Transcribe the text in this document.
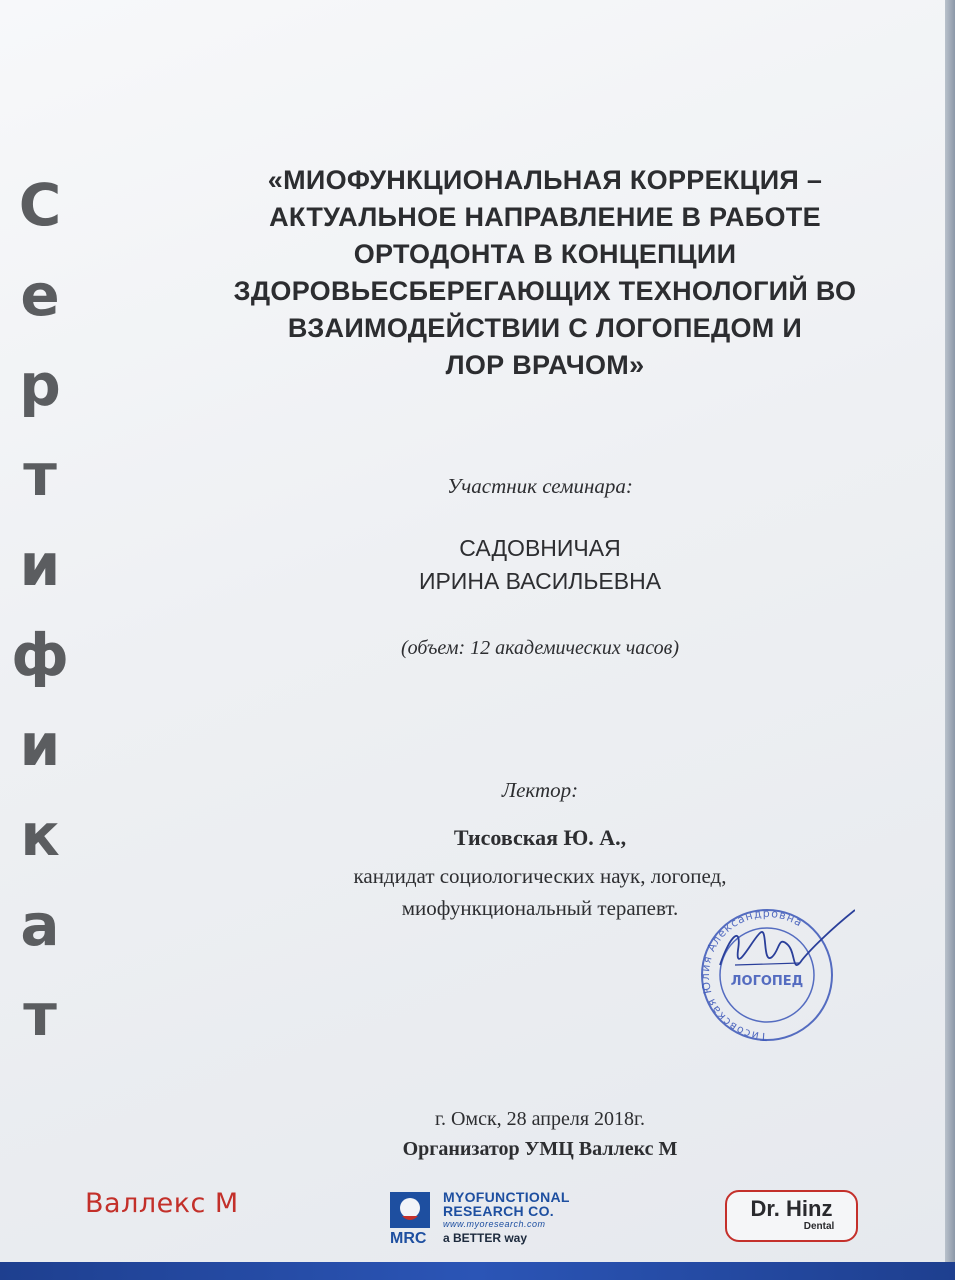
С
е
р
т
и
ф
и
к
а
т
«МИОФУНКЦИОНАЛЬНАЯ КОРРЕКЦИЯ –
АКТУАЛЬНОЕ НАПРАВЛЕНИЕ В РАБОТЕ
ОРТОДОНТА В КОНЦЕПЦИИ
ЗДОРОВЬЕСБЕРЕГАЮЩИХ ТЕХНОЛОГИЙ ВО
ВЗАИМОДЕЙСТВИИ С ЛОГОПЕДОМ И
ЛОР ВРАЧОМ»
Участник семинара:
САДОВНИЧАЯ
ИРИНА ВАСИЛЬЕВНА
(объем: 12 академических часов)
Лектор:
Тисовская Ю. А.,
кандидат социологических наук, логопед,
миофункциональный терапевт.
Тисовская Юлия Александровна
ЛОГОПЕД
г. Омск, 28 апреля 2018г.
Организатор УМЦ Валлекс М
Валлекс М
MRC
MYOFUNCTIONAL
RESEARCH CO.
www.myoresearch.com
a BETTER way
Dr. Hinz
Dental
